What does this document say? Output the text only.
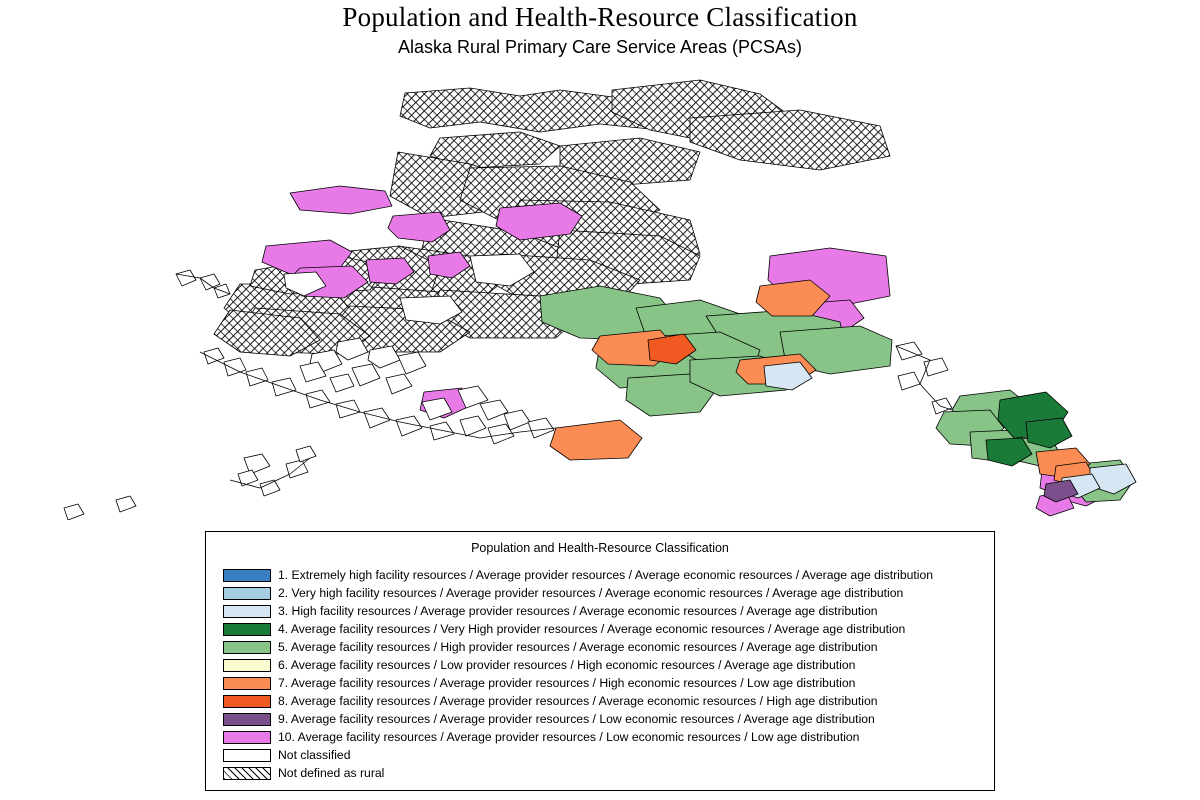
Population and Health-Resource Classification
Alaska Rural Primary Care Service Areas (PCSAs)
Population and Health-Resource Classification
1. Extremely high facility resources / Average provider resources / Average economic resources / Average age distribution
2. Very high facility resources / Average provider resources / Average economic resources / Average age distribution
3. High facility resources / Average provider resources / Average economic resources / Average age distribution
4. Average facility resources / Very High provider resources / Average economic resources / Average age distribution
5. Average facility resources / High provider resources / Average economic resources / Average age distribution
6. Average facility resources / Low provider resources / High economic resources / Average age distribution
7. Average facility resources / Average provider resources / High economic resources / Low age distribution
8. Average facility resources / Average provider resources / Average economic resources / High age distribution
9. Average facility resources / Average provider resources / Low economic resources / Average age distribution
10. Average facility resources / Average provider resources / Low economic resources / Low age distribution
Not classified
Not defined as rural
